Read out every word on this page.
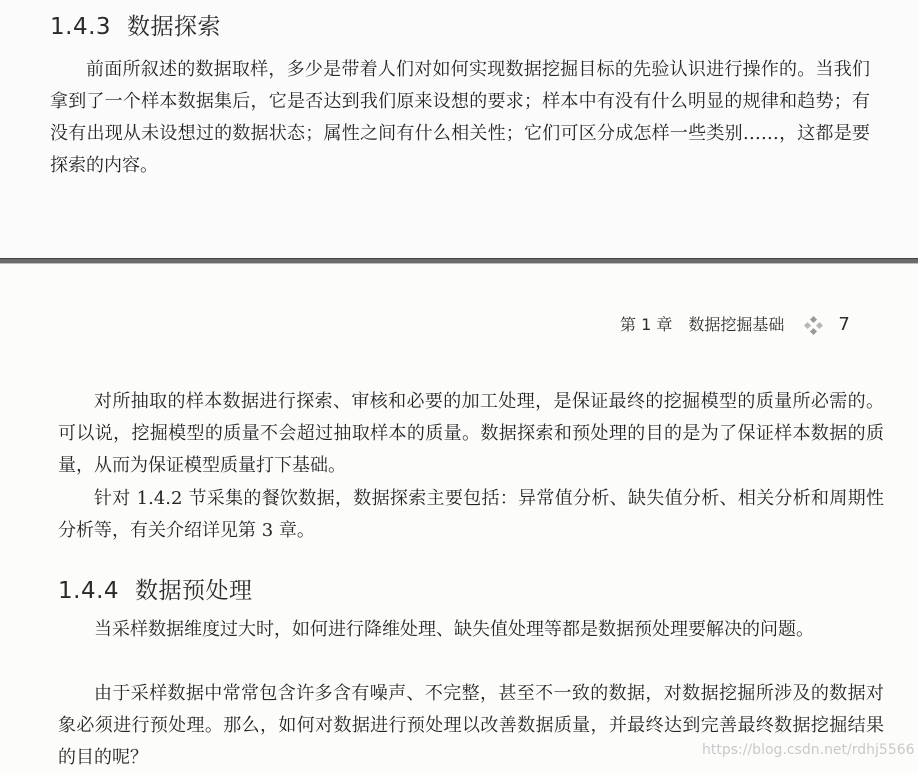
1.4.3 数据探索

前面所叙述的数据取样，多少是带着人们对如何实现数据挖掘目标的先验认识进行操作的。当我们拿到了一个样本数据集后，它是否达到我们原来设想的要求；样本中有没有什么明显的规律和趋势；有没有出现从未设想过的数据状态；属性之间有什么相关性；它们可区分成怎样一些类别……，这都是要探索的内容。

第 1 章 数据挖掘基础	7

对所抽取的样本数据进行探索、审核和必要的加工处理，是保证最终的挖掘模型的质量所必需的。可以说，挖掘模型的质量不会超过抽取样本的质量。数据探索和预处理的目的是为了保证样本数据的质量，从而为保证模型质量打下基础。

针对 1.4.2 节采集的餐饮数据，数据探索主要包括：异常值分析、缺失值分析、相关分析和周期性分析等，有关介绍详见第 3 章。

1.4.4 数据预处理

当采样数据维度过大时，如何进行降维处理、缺失值处理等都是数据预处理要解决的问题。

由于采样数据中常常包含许多含有噪声、不完整，甚至不一致的数据，对数据挖掘所涉及的数据对象必须进行预处理。那么，如何对数据进行预处理以改善数据质量，并最终达到完善最终数据挖掘结果的目的呢？	https://blog.csdn.net/rdhj5566
